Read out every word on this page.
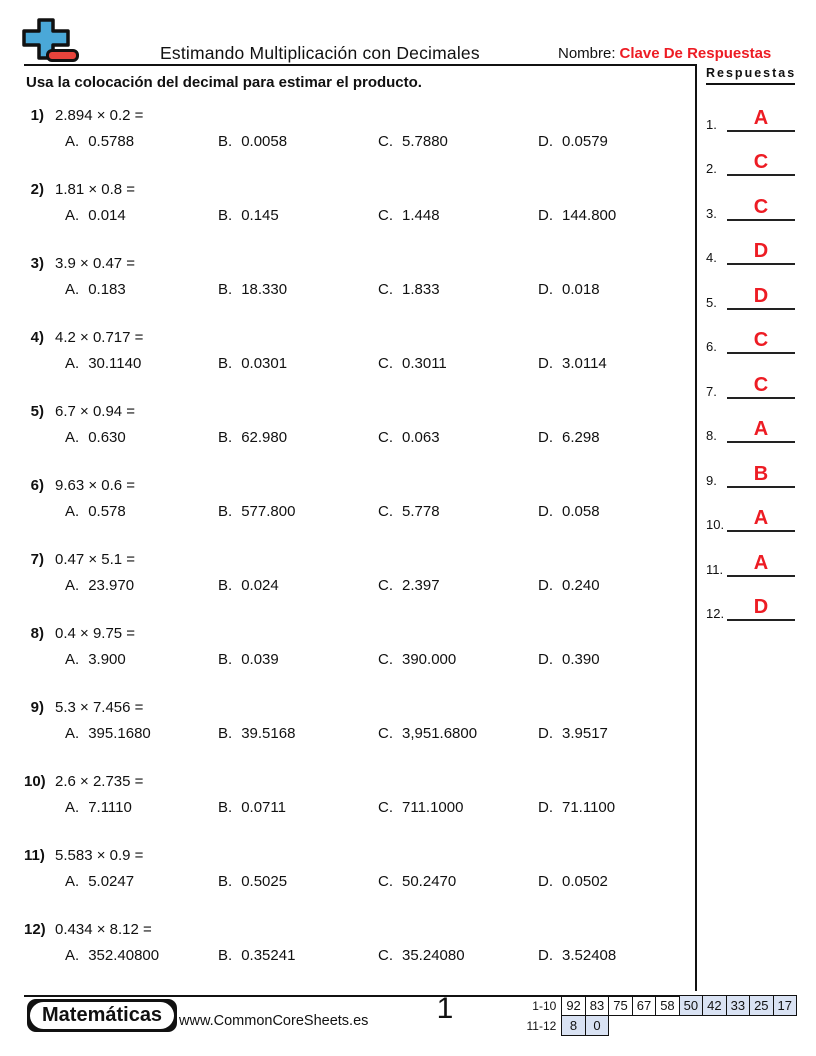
Estimando Multiplicación con Decimales	Nombre: Clave De Respuestas
Usa la colocación del decimal para estimar el producto.
1) 2.894 × 0.2 =
A. 0.5788	B. 0.0058	C. 5.7880	D. 0.0579
2) 1.81 × 0.8 =
A. 0.014	B. 0.145	C. 1.448	D. 144.800
3) 3.9 × 0.47 =
A. 0.183	B. 18.330	C. 1.833	D. 0.018
4) 4.2 × 0.717 =
A. 30.1140	B. 0.0301	C. 0.3011	D. 3.0114
5) 6.7 × 0.94 =
A. 0.630	B. 62.980	C. 0.063	D. 6.298
6) 9.63 × 0.6 =
A. 0.578	B. 577.800	C. 5.778	D. 0.058
7) 0.47 × 5.1 =
A. 23.970	B. 0.024	C. 2.397	D. 0.240
8) 0.4 × 9.75 =
A. 3.900	B. 0.039	C. 390.000	D. 0.390
9) 5.3 × 7.456 =
A. 395.1680	B. 39.5168	C. 3,951.6800	D. 3.9517
10) 2.6 × 2.735 =
A. 7.1110	B. 0.0711	C. 711.1000	D. 71.1100
11) 5.583 × 0.9 =
A. 5.0247	B. 0.5025	C. 50.2470	D. 0.0502
12) 0.434 × 8.12 =
A. 352.40800	B. 0.35241	C. 35.24080	D. 3.52408
Respuestas
1.	A
2.	C
3.	C
4.	D
5.	D
6.	C
7.	C
8.	A
9.	B
10.	A
11.	A
12.	D
Matemáticas	www.CommonCoreSheets.es	1	1-10	92	83	75	67	58	50	42	33	25	17
11-12	8	0								
